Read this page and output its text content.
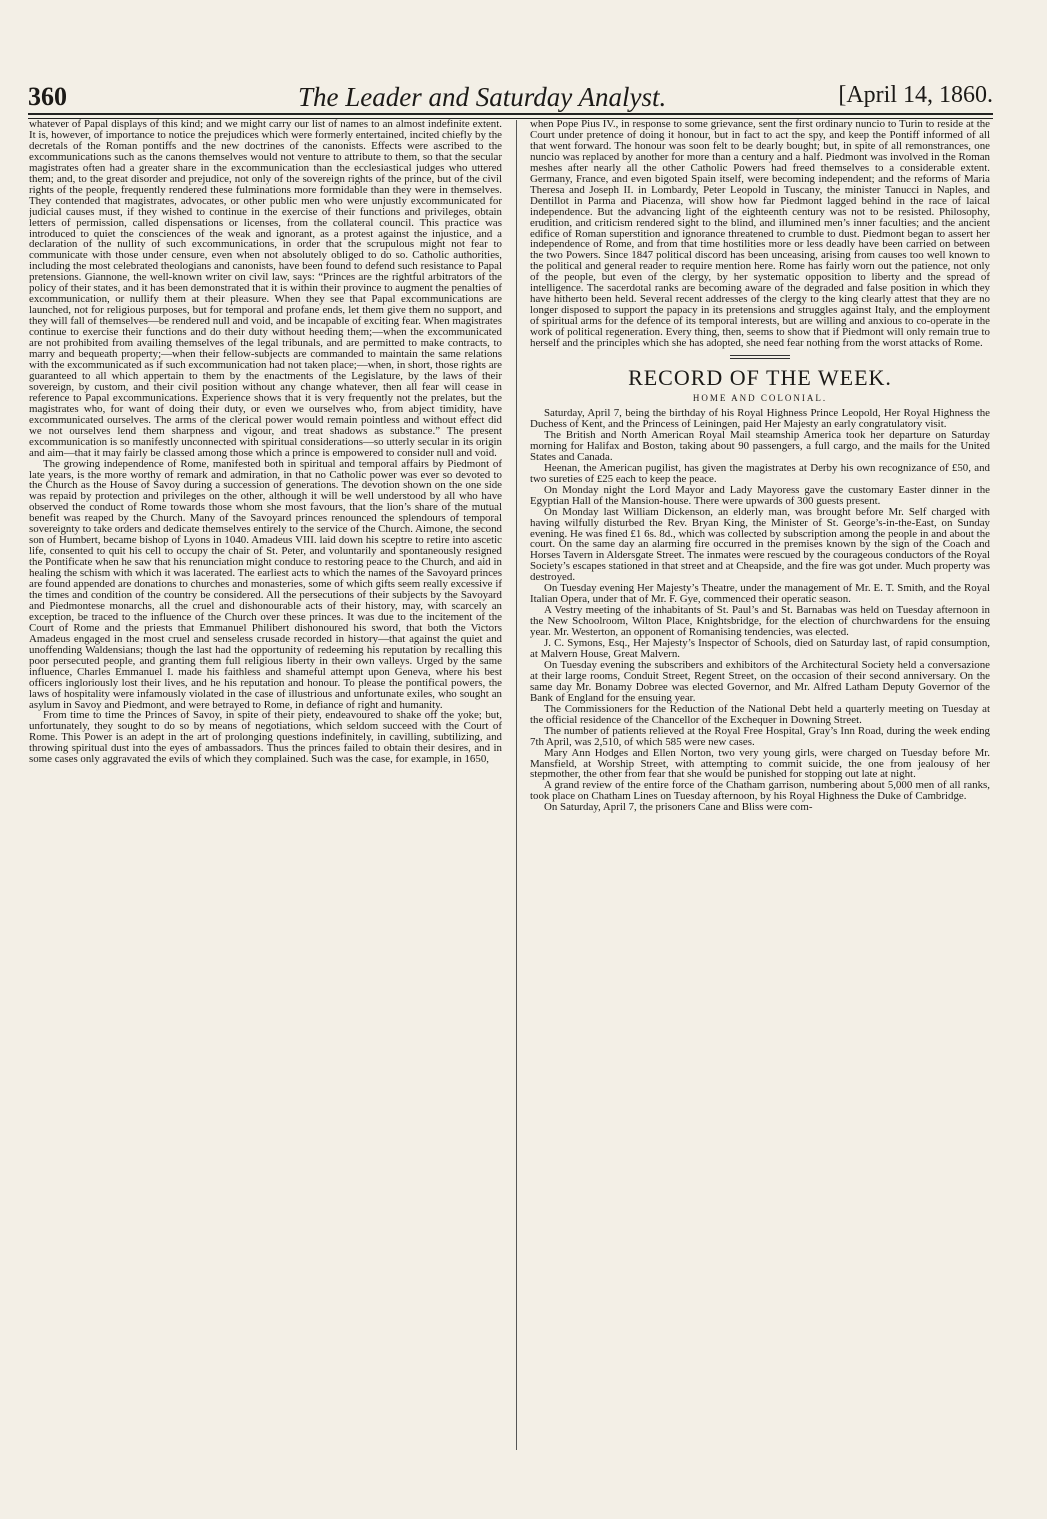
360	The Leader and Saturday Analyst.	[April 14, 1860.

whatever of Papal displays of this kind; and we might carry our list of names to an almost indefinite extent. It is, however, of importance to notice the prejudices which were formerly entertained, incited chiefly by the decretals of the Roman pontiffs and the new doctrines of the canonists. Effects were ascribed to the excommunications such as the canons themselves would not venture to attribute to them, so that the secular magistrates often had a greater share in the excommunication than the ecclesiastical judges who uttered them; and, to the great disorder and prejudice, not only of the sovereign rights of the prince, but of the civil rights of the people, frequently rendered these fulminations more formidable than they were in themselves. They contended that magistrates, advocates, or other public men who were unjustly excommunicated for judicial causes must, if they wished to continue in the exercise of their functions and privileges, obtain letters of permission, called dispensations or licenses, from the collateral council. This practice was introduced to quiet the consciences of the weak and ignorant, as a protest against the injustice, and a declaration of the nullity of such excommunications, in order that the scrupulous might not fear to communicate with those under censure, even when not absolutely obliged to do so. Catholic authorities, including the most celebrated theologians and canonists, have been found to defend such resistance to Papal pretensions. Giannone, the well-known writer on civil law, says: “Princes are the rightful arbitrators of the policy of their states, and it has been demonstrated that it is within their province to augment the penalties of excommunication, or nullify them at their pleasure. When they see that Papal excommunications are launched, not for religious purposes, but for temporal and profane ends, let them give them no support, and they will fall of themselves—be rendered null and void, and be incapable of exciting fear. When magistrates continue to exercise their functions and do their duty without heeding them;—when the excommunicated are not prohibited from availing themselves of the legal tribunals, and are permitted to make contracts, to marry and bequeath property;—when their fellow-subjects are commanded to maintain the same relations with the excommunicated as if such excommunication had not taken place;—when, in short, those rights are guaranteed to all which appertain to them by the enactments of the Legislature, by the laws of their sovereign, by custom, and their civil position without any change whatever, then all fear will cease in reference to Papal excommunications. Experience shows that it is very frequently not the prelates, but the magistrates who, for want of doing their duty, or even we ourselves who, from abject timidity, have excommunicated ourselves. The arms of the clerical power would remain pointless and without effect did we not ourselves lend them sharpness and vigour, and treat shadows as substance.” The present excommunication is so manifestly unconnected with spiritual considerations—so utterly secular in its origin and aim—that it may fairly be classed among those which a prince is empowered to consider null and void.

The growing independence of Rome, manifested both in spiritual and temporal affairs by Piedmont of late years, is the more worthy of remark and admiration, in that no Catholic power was ever so devoted to the Church as the House of Savoy during a succession of generations. The devotion shown on the one side was repaid by protection and privileges on the other, although it will be well understood by all who have observed the conduct of Rome towards those whom she most favours, that the lion’s share of the mutual benefit was reaped by the Church. Many of the Savoyard princes renounced the splendours of temporal sovereignty to take orders and dedicate themselves entirely to the service of the Church. Aimone, the second son of Humbert, became bishop of Lyons in 1040. Amadeus VIII. laid down his sceptre to retire into ascetic life, consented to quit his cell to occupy the chair of St. Peter, and voluntarily and spontaneously resigned the Pontificate when he saw that his renunciation might conduce to restoring peace to the Church, and aid in healing the schism with which it was lacerated. The earliest acts to which the names of the Savoyard princes are found appended are donations to churches and monasteries, some of which gifts seem really excessive if the times and condition of the country be considered. All the persecutions of their subjects by the Savoyard and Piedmontese monarchs, all the cruel and dishonourable acts of their history, may, with scarcely an exception, be traced to the influence of the Church over these princes. It was due to the incitement of the Court of Rome and the priests that Emmanuel Philibert dishonoured his sword, that both the Victors Amadeus engaged in the most cruel and senseless crusade recorded in history—that against the quiet and unoffending Waldensians; though the last had the opportunity of redeeming his reputation by recalling this poor persecuted people, and granting them full religious liberty in their own valleys. Urged by the same influence, Charles Emmanuel I. made his faithless and shameful attempt upon Geneva, where his best officers ingloriously lost their lives, and he his reputation and honour. To please the pontifical powers, the laws of hospitality were infamously violated in the case of illustrious and unfortunate exiles, who sought an asylum in Savoy and Piedmont, and were betrayed to Rome, in defiance of right and humanity.

From time to time the Princes of Savoy, in spite of their piety, endeavoured to shake off the yoke; but, unfortunately, they sought to do so by means of negotiations, which seldom succeed with the Court of Rome. This Power is an adept in the art of prolonging questions indefinitely, in cavilling, subtilizing, and throwing spiritual dust into the eyes of ambassadors. Thus the princes failed to obtain their desires, and in some cases only aggravated the evils of which they complained. Such was the case, for example, in 1650,

when Pope Pius IV., in response to some grievance, sent the first ordinary nuncio to Turin to reside at the Court under pretence of doing it honour, but in fact to act the spy, and keep the Pontiff informed of all that went forward. The honour was soon felt to be dearly bought; but, in spite of all remonstrances, one nuncio was replaced by another for more than a century and a half. Piedmont was involved in the Roman meshes after nearly all the other Catholic Powers had freed themselves to a considerable extent. Germany, France, and even bigoted Spain itself, were becoming independent; and the reforms of Maria Theresa and Joseph II. in Lombardy, Peter Leopold in Tuscany, the minister Tanucci in Naples, and Dentillot in Parma and Piacenza, will show how far Piedmont lagged behind in the race of laical independence. But the advancing light of the eighteenth century was not to be resisted. Philosophy, erudition, and criticism rendered sight to the blind, and illumined men’s inner faculties; and the ancient edifice of Roman superstition and ignorance threatened to crumble to dust. Piedmont began to assert her independence of Rome, and from that time hostilities more or less deadly have been carried on between the two Powers. Since 1847 political discord has been unceasing, arising from causes too well known to the political and general reader to require mention here. Rome has fairly worn out the patience, not only of the people, but even of the clergy, by her systematic opposition to liberty and the spread of intelligence. The sacerdotal ranks are becoming aware of the degraded and false position in which they have hitherto been held. Several recent addresses of the clergy to the king clearly attest that they are no longer disposed to support the papacy in its pretensions and struggles against Italy, and the employment of spiritual arms for the defence of its temporal interests, but are willing and anxious to co-operate in the work of political regeneration. Every thing, then, seems to show that if Piedmont will only remain true to herself and the principles which she has adopted, she need fear nothing from the worst attacks of Rome.

RECORD OF THE WEEK.
HOME AND COLONIAL.

Saturday, April 7, being the birthday of his Royal Highness Prince Leopold, Her Royal Highness the Duchess of Kent, and the Princess of Leiningen, paid Her Majesty an early congratulatory visit.

The British and North American Royal Mail steamship America took her departure on Saturday morning for Halifax and Boston, taking about 90 passengers, a full cargo, and the mails for the United States and Canada.

Heenan, the American pugilist, has given the magistrates at Derby his own recognizance of £50, and two sureties of £25 each to keep the peace.

On Monday night the Lord Mayor and Lady Mayoress gave the customary Easter dinner in the Egyptian Hall of the Mansion-house. There were upwards of 300 guests present.

On Monday last William Dickenson, an elderly man, was brought before Mr. Self charged with having wilfully disturbed the Rev. Bryan King, the Minister of St. George’s-in-the-East, on Sunday evening. He was fined £1 6s. 8d., which was collected by subscription among the people in and about the court. On the same day an alarming fire occurred in the premises known by the sign of the Coach and Horses Tavern in Aldersgate Street. The inmates were rescued by the courageous conductors of the Royal Society’s escapes stationed in that street and at Cheapside, and the fire was got under. Much property was destroyed.

On Tuesday evening Her Majesty’s Theatre, under the management of Mr. E. T. Smith, and the Royal Italian Opera, under that of Mr. F. Gye, commenced their operatic season.

A Vestry meeting of the inhabitants of St. Paul’s and St. Barnabas was held on Tuesday afternoon in the New Schoolroom, Wilton Place, Knightsbridge, for the election of churchwardens for the ensuing year. Mr. Westerton, an opponent of Romanising tendencies, was elected.

J. C. Symons, Esq., Her Majesty’s Inspector of Schools, died on Saturday last, of rapid consumption, at Malvern House, Great Malvern.

On Tuesday evening the subscribers and exhibitors of the Architectural Society held a conversazione at their large rooms, Conduit Street, Regent Street, on the occasion of their second anniversary. On the same day Mr. Bonamy Dobree was elected Governor, and Mr. Alfred Latham Deputy Governor of the Bank of England for the ensuing year.

The Commissioners for the Reduction of the National Debt held a quarterly meeting on Tuesday at the official residence of the Chancellor of the Exchequer in Downing Street.

The number of patients relieved at the Royal Free Hospital, Gray’s Inn Road, during the week ending 7th April, was 2,510, of which 585 were new cases.

Mary Ann Hodges and Ellen Norton, two very young girls, were charged on Tuesday before Mr. Mansfield, at Worship Street, with attempting to commit suicide, the one from jealousy of her stepmother, the other from fear that she would be punished for stopping out late at night.

A grand review of the entire force of the Chatham garrison, numbering about 5,000 men of all ranks, took place on Chatham Lines on Tuesday afternoon, by his Royal Highness the Duke of Cambridge.

On Saturday, April 7, the prisoners Cane and Bliss were com-
